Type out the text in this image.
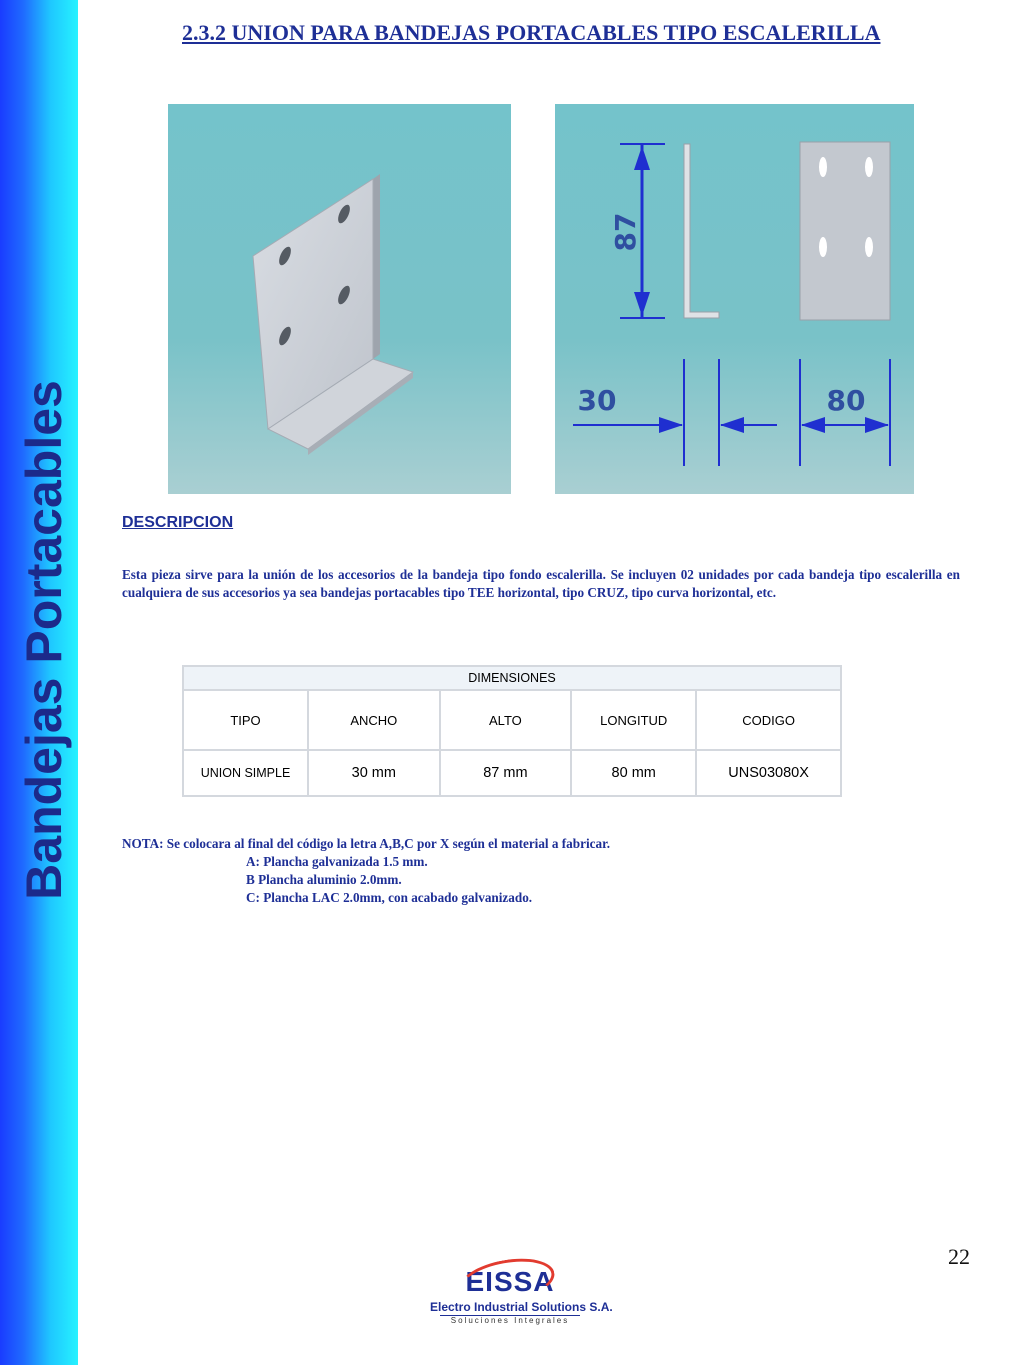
Bandejas Portacables
2.3.2 UNION PARA BANDEJAS PORTACABLES TIPO ESCALERILLA
87
30	80
DESCRIPCION

Esta pieza sirve para la unión de los accesorios de la bandeja tipo fondo escalerilla. Se incluyen 02 unidades por cada bandeja tipo escalerilla en cualquiera de sus accesorios ya sea bandejas portacables tipo TEE horizontal, tipo CRUZ, tipo curva horizontal, etc.

DIMENSIONES				
TIPO	ANCHO	ALTO	LONGITUD	CODIGO
UNION SIMPLE	30 mm	87 mm	80 mm	UNS03080X
NOTA: Se colocara al final del código la letra A,B,C por X según el material a fabricar.
A: Plancha galvanizada 1.5 mm.
B Plancha aluminio 2.0mm.
C: Plancha LAC 2.0mm, con acabado galvanizado.
22
EISSA
Electro Industrial Solutions S.A.
Soluciones Integrales
